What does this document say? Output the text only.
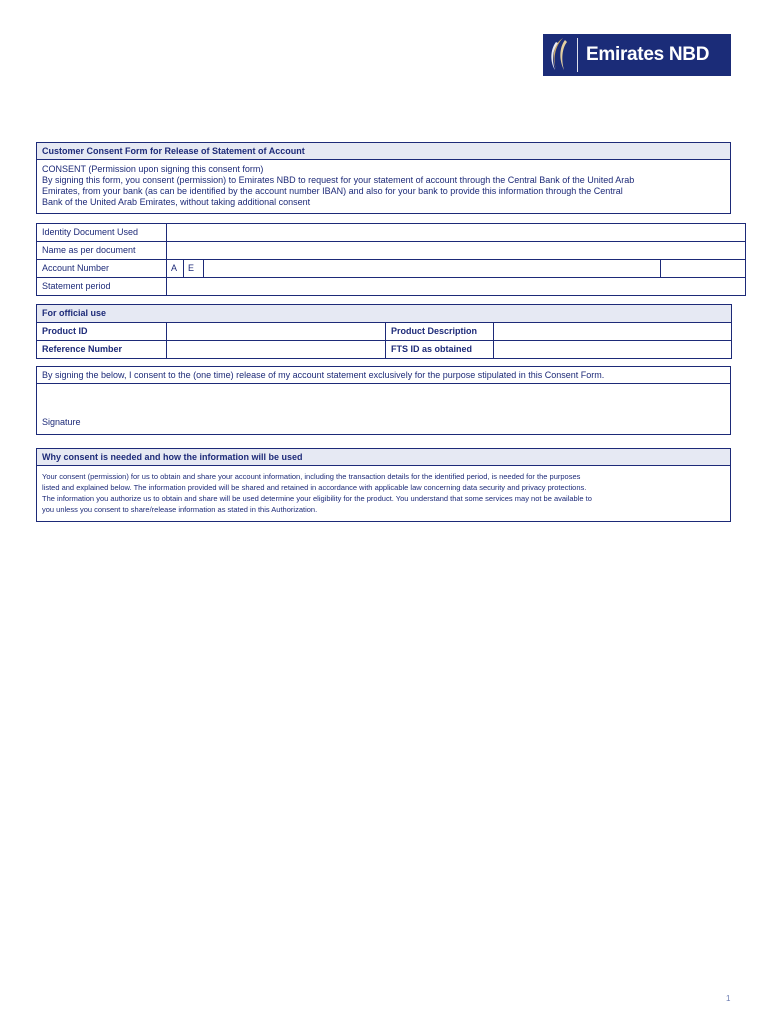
Emirates NBD
Customer Consent Form for Release of Statement of Account
CONSENT (Permission upon signing this consent form)
By signing this form, you consent (permission) to Emirates NBD to request for your statement of account through the Central Bank of the United Arab
Emirates, from your bank (as can be identified by the account number IBAN) and also for your bank to provide this information through the Central
Bank of the United Arab Emirates, without taking additional consent
Identity Document Used				
Name as per document				
Account Number	A	E		
Statement period				
For official use			
Product ID		Product Description	
Reference Number		FTS ID as obtained	
By signing the below, I consent to the (one time) release of my account statement exclusively for the purpose stipulated in this Consent Form.
Signature
Why consent is needed and how the information will be used
Your consent (permission) for us to obtain and share your account information, including the transaction details for the identified period, is needed for the purposes
listed and explained below. The information provided will be shared and retained in accordance with applicable law concerning data security and privacy protections.
The information you authorize us to obtain and share will be used determine your eligibility for the product. You understand that some services may not be available to
you unless you consent to share/release information as stated in this Authorization.
1
